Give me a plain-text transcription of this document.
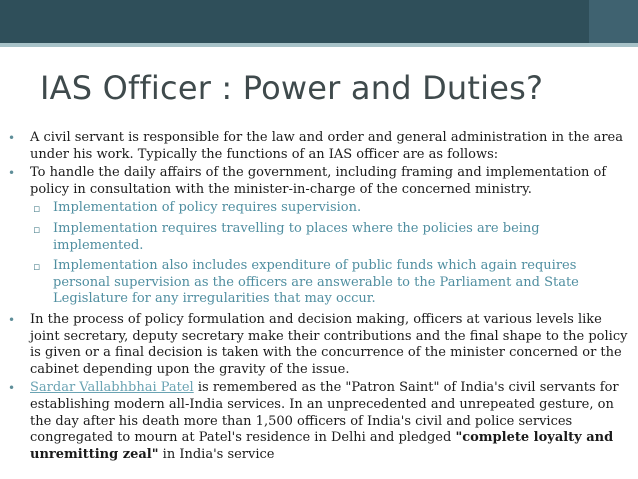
IAS Officer : Power and Duties?

• A civil servant is responsible for the law and order and general administration in the area under his work. Typically the functions of an IAS officer are as follows:

• To handle the daily affairs of the government, including framing and implementation of policy in consultation with the minister-in-charge of the concerned ministry.

▫ Implementation of policy requires supervision.

▫ Implementation requires travelling to places where the policies are being implemented.

▫ Implementation also includes expenditure of public funds which again requires personal supervision as the officers are answerable to the Parliament and State Legislature for any irregularities that may occur.

• In the process of policy formulation and decision making, officers at various levels like joint secretary, deputy secretary make their contributions and the final shape to the policy is given or a final decision is taken with the concurrence of the minister concerned or the cabinet depending upon the gravity of the issue.

• Sardar Vallabhbhai Patel is remembered as the "Patron Saint" of India's civil servants for establishing modern all-India services. In an unprecedented and unrepeated gesture, on the day after his death more than 1,500 officers of India's civil and police services congregated to mourn at Patel's residence in Delhi and pledged "complete loyalty and unremitting zeal" in India's service
